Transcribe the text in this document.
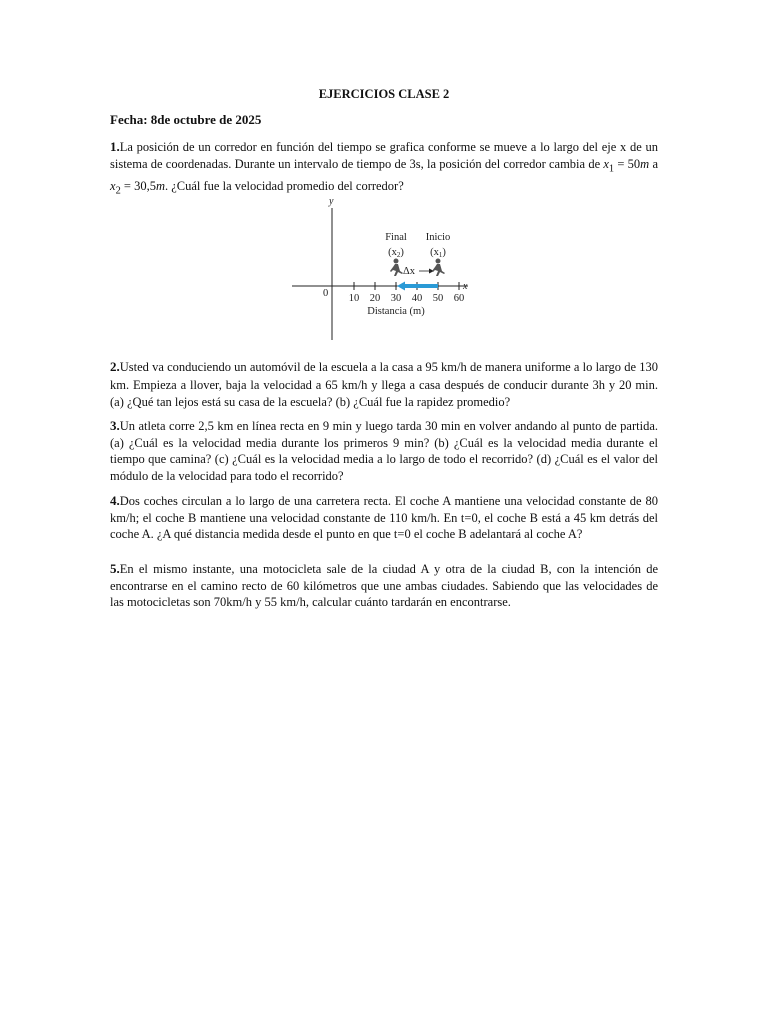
EJERCICIOS CLASE 2
Fecha: 8de octubre de 2025

1.La posición de un corredor en función del tiempo se grafica conforme se mueve a lo largo del eje x de un sistema de coordenadas. Durante un intervalo de tiempo de 3s, la posición del corredor cambia de $x_1 = 50m$ a $x_2 = 30,5m$. ¿Cuál fue la velocidad promedio del corredor?

y
x
0 10 20 30 40 50 60
Distancia (m)
Final
(x2)
Inicio
(x1)
Δx

2.Usted va conduciendo un automóvil de la escuela a la casa a 95 km/h de manera uniforme a lo largo de 130 km. Empieza a llover, baja la velocidad a 65 km/h y llega a casa después de conducir durante 3h y 20 min. (a) ¿Qué tan lejos está su casa de la escuela? (b) ¿Cuál fue la rapidez promedio?

3.Un atleta corre 2,5 km en línea recta en 9 min y luego tarda 30 min en volver andando al punto de partida. (a) ¿Cuál es la velocidad media durante los primeros 9 min? (b) ¿Cuál es la velocidad media durante el tiempo que camina? (c) ¿Cuál es la velocidad media a lo largo de todo el recorrido? (d) ¿Cuál es el valor del módulo de la velocidad para todo el recorrido?

4.Dos coches circulan a lo largo de una carretera recta. El coche A mantiene una velocidad constante de 80 km/h; el coche B mantiene una velocidad constante de 110 km/h. En t=0, el coche B está a 45 km detrás del coche A. ¿A qué distancia medida desde el punto en que t=0 el coche B adelantará al coche A?

5.En el mismo instante, una motocicleta sale de la ciudad A y otra de la ciudad B, con la intención de encontrarse en el camino recto de 60 kilómetros que une ambas ciudades. Sabiendo que las velocidades de las motocicletas son 70km/h y 55 km/h, calcular cuánto tardarán en encontrarse.
